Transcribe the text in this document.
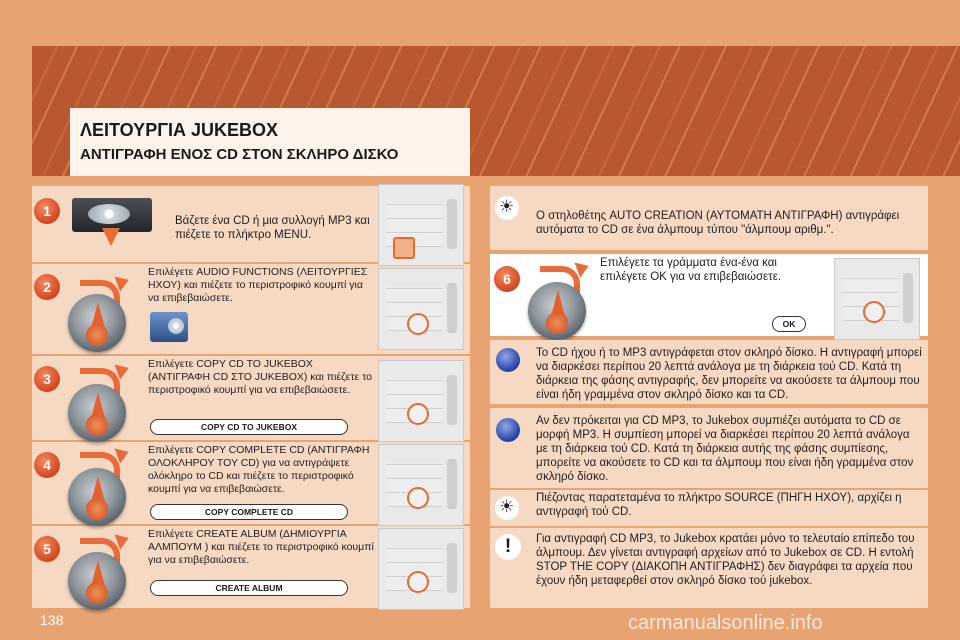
ΛΕΙΤΟΥΡΓΙΑ JUKEBOX
ΑΝΤΙΓΡΑΦΗ ΕΝΟΣ CD ΣΤΟΝ ΣΚΛΗΡΟ ΔΙΣΚΟ
1
Βάζετε ένα CD ή μια συλλογή MP3 και πιέζετε το πλήκτρο MENU.
2
Επιλέγετε AUDIO FUNCTIONS (ΛΕΙΤΟΥΡΓΙΕΣ ΗΧΟΥ) και πιέζετε το περιστροφικό κουμπί για να επιβεβαιώσετε.
3
Επιλέγετε COPY CD TO JUKEBOX (ΑΝΤΙΓΡΑΦΗ CD ΣΤΟ JUKEBOX) και πιέζετε το περιστροφικό κουμπί για να επιβεβαιώσετε.
COPY CD TO JUKEBOX
4
Επιλέγετε COPY COMPLETE CD (ΑΝΤΙΓΡΑΦΗ ΟΛΟΚΛΗΡΟΥ ΤΟΥ CD) για να αντιγράψετε ολόκληρο το CD και πιέζετε το περιστροφικό κουμπί για να επιβεβαιώσετε.
COPY COMPLETE CD
5
Επιλέγετε CREATE ALBUM (ΔΗΜΙΟΥΡΓΙΑ ΑΛΜΠΟΥΜ ) και πιέζετε το περιστροφικό κουμπί για να επιβεβαιώσετε.
CREATE ALBUM
☀
Ο στηλοθέτης AUTO CREATION (ΑΥΤΟΜΑΤΗ ΑΝΤΙΓΡΑΦΗ) αντιγράφει αυτόματα το CD σε ένα άλμπουμ τύπου "άλμπουμ αριθμ.".
6
Επιλέγετε τα γράμματα ένα-ένα και επιλέγετε OK για να επιβεβαιώσετε.
OK
Το CD ήχου ή το MP3 αντιγράφεται στον σκληρό δίσκο. Η αντιγραφή μπορεί να διαρκέσει περίπου 20 λεπτά ανάλογα με τη διάρκεια τού CD. Κατά τη διάρκεια της φάσης αντιγραφής, δεν μπορείτε να ακούσετε τα άλμπουμ που είναι ήδη γραμμένα στον σκληρό δίσκο και τα CD.
Αν δεν πρόκειται για CD MP3, το Jukebox συμπιέζει αυτόματα το CD σε μορφή MP3. Η συμπίεση μπορεί να διαρκέσει περίπου 20 λεπτά ανάλογα με τη διάρκεια τού CD. Κατά τη διάρκεια αυτής της φάσης συμπίεσης, μπορείτε να ακούσετε το CD και τα άλμπουμ που είναι ήδη γραμμένα στον σκληρό δίσκο.
☀
Πιέζοντας παρατεταμένα το πλήκτρο SOURCE (ΠΗΓΗ ΗΧΟΥ), αρχίζει η αντιγραφή τού CD.
!	Για αντιγραφή CD MP3, το Jukebox κρατάει μόνο το τελευταίο επίπεδο του άλμπουμ. Δεν γίνεται αντιγραφή αρχείων από το Jukebox σε CD. Η εντολή STOP THE COPY (ΔΙΑΚΟΠΗ ΑΝΤΙΓΡΑΦΗΣ) δεν διαγράφει τα αρχεία που έχουν ήδη μεταφερθεί στον σκληρό δίσκο τού jukebox.
138	carmanualsonline.info
